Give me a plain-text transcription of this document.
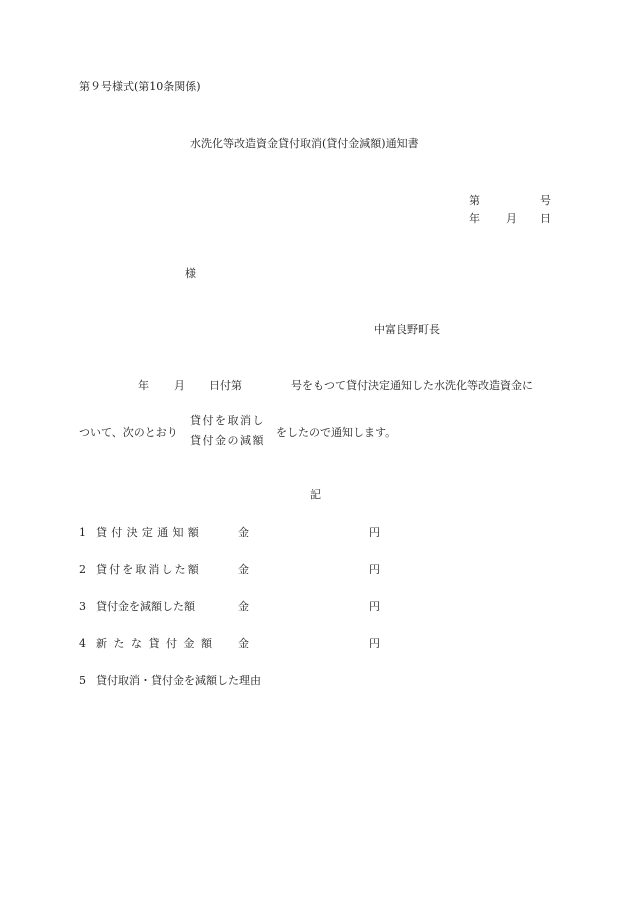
第９号様式(第10条関係)
水洗化等改造資金貸付取消(貸付金減額)通知書
第	号
年 月 日
様
中富良野町長
年 月 日付第	号をもつて貸付決定通知した水洗化等改造資金に
ついて、次のとおり
貸付を取消し
貸付金の減額
をしたので通知します。
記
1 貸付決定通知額	金	円
2 貸付を取消した額	金	円
3 貸付金を減額した額	金	円
4 新たな貸付金額 金	円
5 貸付取消・貸付金を減額した理由
